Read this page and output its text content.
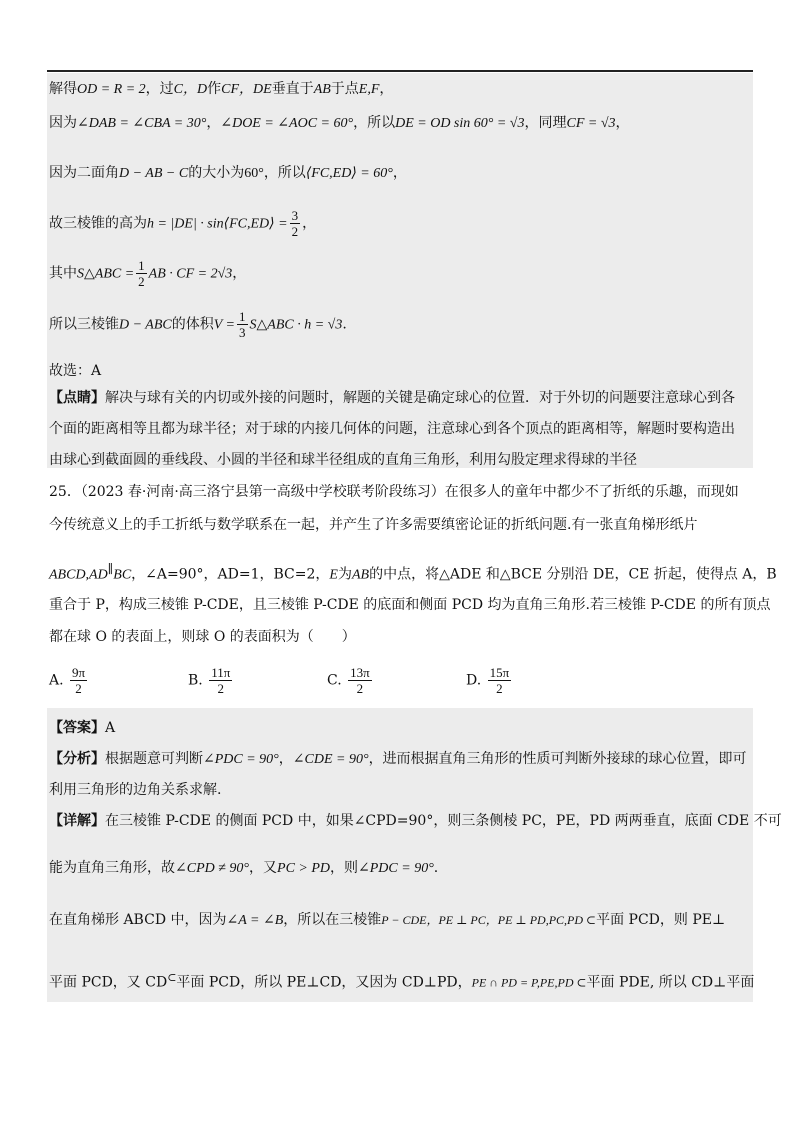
解得OD = R = 2，过C，D作CF，DE垂直于AB于点E,F，
因为∠DAB = ∠CBA = 30°，∠DOE = ∠AOC = 60°，所以DE = OD sin 60° = √3，同理CF = √3，
因为二面角D − AB − C的大小为60°，所以⟨FC,ED⟩ = 60°，
故三棱锥的高为h = |DE| · sin⟨FC,ED⟩ = $\frac{3}{2}$ ，
其中S△ABC = $\frac{1}{2}$ AB · CF = 2√3，
所以三棱锥D − ABC的体积$V = \frac{1}{3}$ S△ABC · h = √3.
故选：A
【点睛】解决与球有关的内切或外接的问题时，解题的关键是确定球心的位置．对于外切的问题要注意球心到各
个面的距离相等且都为球半径；对于球的内接几何体的问题，注意球心到各个顶点的距离相等，解题时要构造出
由球心到截面圆的垂线段、小圆的半径和球半径组成的直角三角形，利用勾股定理求得球的半径
25．（2023 春·河南·高三洛宁县第一高级中学校联考阶段练习）在很多人的童年中都少不了折纸的乐趣，而现如
今传统意义上的手工折纸与数学联系在一起，并产生了许多需要缜密论证的折纸问题.有一张直角梯形纸片
ABCD,AD∥BC，∠A=90°，AD=1，BC=2，E为AB的中点，将△ADE 和△BCE 分别沿 DE，CE 折起，使得点 A，B
重合于 P，构成三棱锥 P-CDE，且三棱锥 P-CDE 的底面和侧面 PCD 均为直角三角形.若三棱锥 P-CDE 的所有顶点
都在球 O 的表面上，则球 O 的表面积为（　　）
A. $\frac{9\pi}{2}$	B. $\frac{11\pi}{2}$	C. $\frac{13\pi}{2}$	D. $\frac{15\pi}{2}$
【答案】A
【分析】根据题意可判断∠PDC = 90°，∠CDE = 90°，进而根据直角三角形的性质可判断外接球的球心位置，即可
利用三角形的边角关系求解.
【详解】在三棱锥 P-CDE 的侧面 PCD 中，如果∠CPD=90°，则三条侧棱 PC，PE，PD 两两垂直，底面 CDE 不可
能为直角三角形，故∠CPD ≠ 90°，又PC > PD，则∠PDC = 90°.
在直角梯形 ABCD 中，因为∠A = ∠B，所以在三棱锥P − CDE，PE ⊥ PC，PE ⊥ PD,PC,PD ⊂平面 PCD，则 PE⊥
平面 PCD，又 CD⊂平面 PCD，所以 PE⊥CD，又因为 CD⊥PD，PE ∩ PD = P,PE,PD ⊂平面 PDE, 所以 CD⊥平面
